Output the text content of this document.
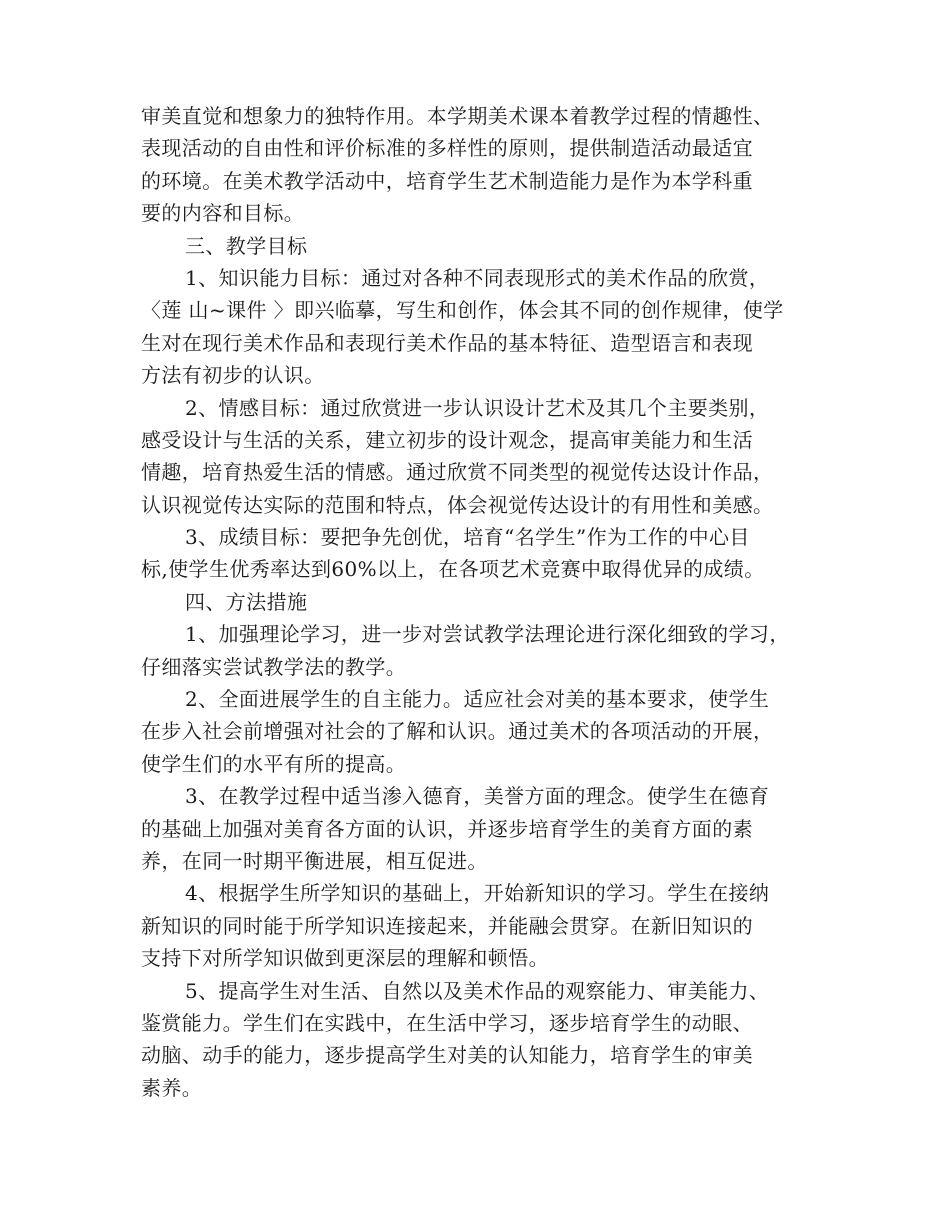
审美直觉和想象力的独特作用。本学期美术课本着教学过程的情趣性、
表现活动的自由性和评价标准的多样性的原则，提供制造活动最适宜
的环境。在美术教学活动中，培育学生艺术制造能力是作为本学科重
要的内容和目标。
三、教学目标
1、知识能力目标：通过对各种不同表现形式的美术作品的欣赏，
〈莲 山~课件 〉即兴临摹，写生和创作，体会其不同的创作规律，使学
生对在现行美术作品和表现行美术作品的基本特征、造型语言和表现
方法有初步的认识。
2、情感目标：通过欣赏进一步认识设计艺术及其几个主要类别，
感受设计与生活的关系，建立初步的设计观念，提高审美能力和生活
情趣，培育热爱生活的情感。通过欣赏不同类型的视觉传达设计作品，
认识视觉传达实际的范围和特点，体会视觉传达设计的有用性和美感。
3、成绩目标：要把争先创优，培育“名学生”作为工作的中心目
标,使学生优秀率达到60%以上，在各项艺术竞赛中取得优异的成绩。
四、方法措施
1、加强理论学习，进一步对尝试教学法理论进行深化细致的学习，
仔细落实尝试教学法的教学。
2、全面进展学生的自主能力。适应社会对美的基本要求，使学生
在步入社会前增强对社会的了解和认识。通过美术的各项活动的开展，
使学生们的水平有所的提高。
3、在教学过程中适当渗入德育，美誉方面的理念。使学生在德育
的基础上加强对美育各方面的认识，并逐步培育学生的美育方面的素
养，在同一时期平衡进展，相互促进。
4、根据学生所学知识的基础上，开始新知识的学习。学生在接纳
新知识的同时能于所学知识连接起来，并能融会贯穿。在新旧知识的
支持下对所学知识做到更深层的理解和顿悟。
5、提高学生对生活、自然以及美术作品的观察能力、审美能力、
鉴赏能力。学生们在实践中，在生活中学习，逐步培育学生的动眼、
动脑、动手的能力，逐步提高学生对美的认知能力，培育学生的审美
素养。
